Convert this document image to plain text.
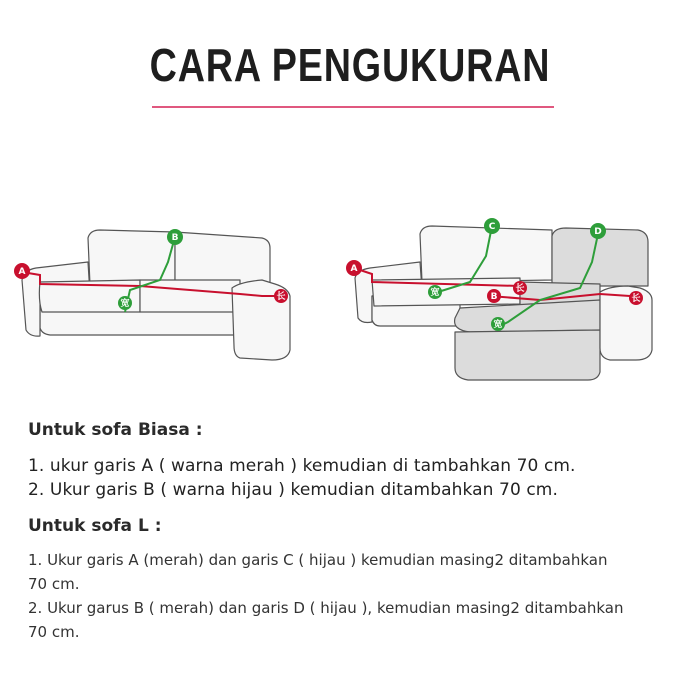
CARA PENGUKURAN
A
B
宽
长
A
C	D
B
宽	长
宽
长

Untuk sofa Biasa :

1. ukur garis A ( warna merah ) kemudian di tambahkan 70 cm.

2. Ukur garis B ( warna hijau ) kemudian ditambahkan 70 cm.

Untuk sofa L :

1. Ukur garis A (merah) dan garis C ( hijau ) kemudian masing2 ditambahkan 70 cm.

2. Ukur garus B ( merah) dan garis D ( hijau ), kemudian masing2 ditambahkan 70 cm.
